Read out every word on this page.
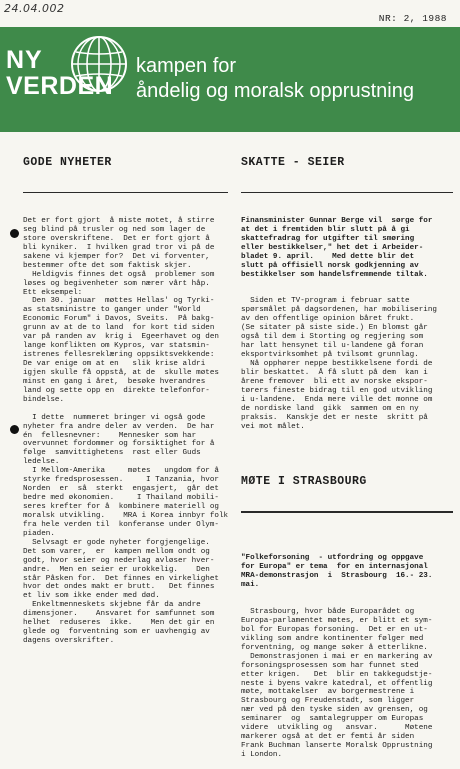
24.04.002
NR: 2, 1988
NY
VERDEN
kampen for
åndelig og moralsk opprustning

GODE NYHETER

Det er fort gjort  å miste motet, å stirre
seg blind på trusler og ned som lager de
store overskriftene.  Det er fort gjort å
bli kyniker.  I hvilken grad tror vi på de
sakene vi kjemper for?  Det vi forventer,
bestemmer ofte det som faktisk skjer.
Heldigvis finnes det også  problemer som
løses og begivenheter som nærer vårt håp.
Ett eksempel:
Den 30. januar  møttes Hellas' og Tyrki-
as statsministre to ganger under "World
Economic Forum" i Davos, Sveits.  På bakg-
grunn av at de to land  for kort tid siden
var på randen av  krig i  Egeerhavet og den
lange konflikten om Kypros, var statsmin-
istrenes fellesreklæring oppsiktsvekkende:
De var enige om at en   slik krise aldri
igjen skulle få oppstå, at de  skulle møtes
minst en gang i året,  besøke hverandres
land og sette opp en  direkte telefonfor-
bindelse.
I dette  nummeret bringer vi også gode
nyheter fra andre deler av verden.  De har
én  fellesnevner:    Mennesker som har
overvunnet fordommer og forsiktighet for å
følge  samvittighetens  røst eller Guds
ledelse.
I Mellom-Amerika     møtes   ungdom for å
styrke fredsprosessen.     I Tanzania, hvor
Norden  er  så  sterkt  engasjert,  går det
bedre med økonomien.     I Thailand mobili-
seres krefter for å  kombinere materiell og
moralsk utvikling.    MRA i Korea innbyr folk
fra hele verden til  konferanse under Olym-
piaden.
Selvsagt er gode nyheter forgjengelige.
Det som varer,  er  kampen mellom ondt og
godt, hvor seier og nederlag avløser hver-
andre.  Men en seier er urokkelig.    Den
står Påsken for.  Det finnes en virkelighet
hvor det ondes makt er brutt.   Det finnes
et liv som ikke ender med død.
Enkeltmenneskets skjebne får da andre
dimensjoner.    Ansvaret for samfunnet som
helhet  reduseres  ikke.    Men det gir en
glede og  forventning som er uavhengig av
dagens overskrifter.

SKATTE - SEIER

Finansminister Gunnar Berge vil  sørge for
at det i fremtiden blir slutt på å gi
skattefradrag for utgifter til smøring
eller bestikkelser," het det i Arbeider-
bladet 9. april.    Med dette blir det
slutt på offisiell norsk godkjenning av
bestikkelser som handelsfremmende tiltak.

Siden et TV-program i februar satte
spørsmålet på dagsordenen, har mobilisering
av den offentlige opinion båret frukt.
(Se sitater på siste side.) En blomst går
også til dem i Storting og regjering som
har latt hensynet til u-landene gå foran
eksportvirksomhet på tvilsomt grunnlag.
Nå opphører neppe bestikkelsene fordi de
blir beskattet.  Å få slutt på dem  kan i
årene fremover  bli ett av norske ekspor-
tørers fineste bidrag til en god utvikling
i u-landene.  Enda mere ville det monne om
de nordiske land  gikk  sammen om en ny
praksis.  Kanskje det er neste  skritt på
vei mot målet.

MØTE I STRASBOURG

"Folkeforsoning  - utfordring og oppgave
for Europa" er tema  for en internasjonal
MRA-demonstrasjon  i  Strasbourg  16.- 23.
mai.

Strasbourg, hvor både Europarådet og
Europa-parlamentet møtes, er blitt et sym-
bol for Europas forsoning.  Det er en ut-
vikling som andre kontinenter følger med
forventning, og mange søker å etterlikne.
Demonstrasjonen i mai er en markering av
forsoningsprosessen som har funnet sted
etter krigen.   Det  blir en takkegudstje-
neste i byens vakre katedral, et offentlig
møte, mottakelser  av borgermestrene i
Strasbourg og Freudenstadt, som ligger
nær ved på den tyske siden av grensen, og
seminarer  og  samtalegrupper om Europas
videre  utvikling og   ansvar.      Møtene
markerer også at det er femti år siden
Frank Buchman lanserte Moralsk Opprustning
i London.
